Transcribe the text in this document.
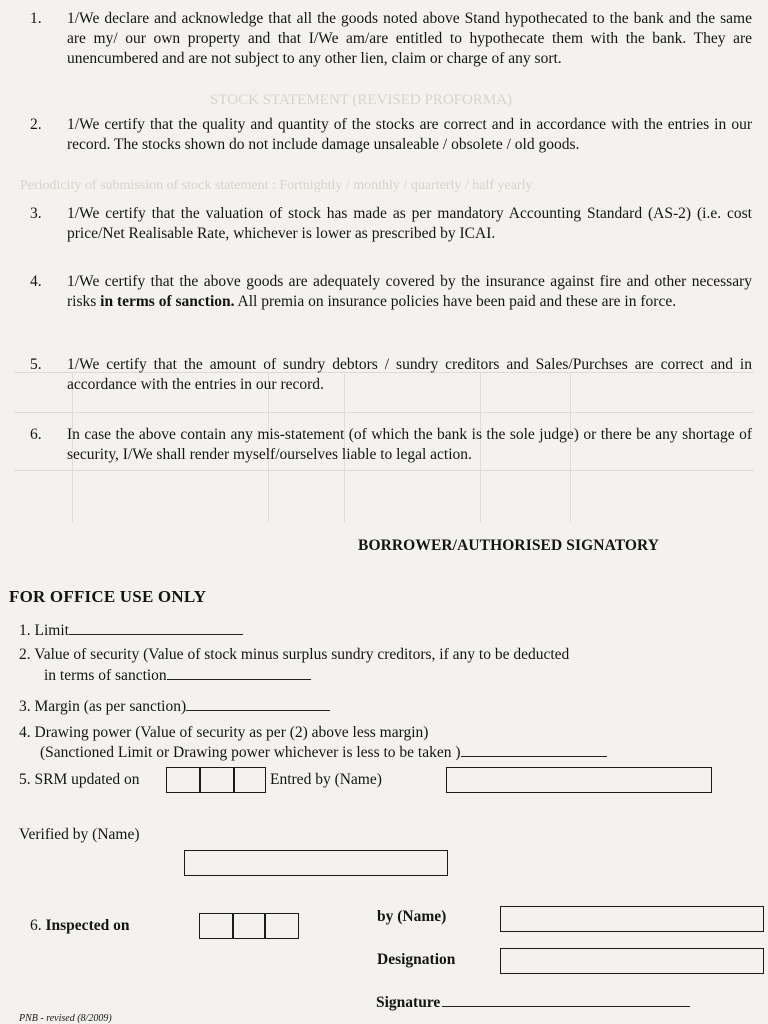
STOCK STATEMENT (REVISED PROFORMA)
Periodicity of submission of stock statement : Fortnightly / monthly / quarterly / half yearly
1.	1/We declare and acknowledge that all the goods noted above Stand hypothecated to the bank and the same are my/ our own property and that I/We am/are entitled to hypothecate them with the bank. They are unencumbered and are not subject to any other lien, claim or charge of any sort.
2.	1/We certify that the quality and quantity of the stocks are correct and in accordance with the entries in our record. The stocks shown do not include damage unsaleable / obsolete / old goods.
3.	1/We certify that the valuation of stock has made as per mandatory Accounting Standard (AS-2) (i.e. cost price/Net Realisable Rate, whichever is lower as prescribed by ICAI.
4.	1/We certify that the above goods are adequately covered by the insurance against fire and other necessary risks in terms of sanction. All premia on insurance policies have been paid and these are in force.
5.	1/We certify that the amount of sundry debtors / sundry creditors and Sales/Purchses are correct and in accordance with the entries in our record.
6.	In case the above contain any mis-statement (of which the bank is the sole judge) or there be any shortage of security, I/We shall render myself/ourselves liable to legal action.
BORROWER/AUTHORISED SIGNATORY
FOR OFFICE USE ONLY
1. Limit
2. Value of security (Value of stock minus surplus sundry creditors, if any to be deducted
in terms of sanction
3. Margin (as per sanction)
4. Drawing power (Value of security as per (2) above less margin)
(Sanctioned Limit or Drawing power whichever is less to be taken )
5. SRM updated on	Entred by (Name)
Verified by (Name)
6. Inspected on
by (Name)
Designation
Signature
PNB - revised (8/2009)
